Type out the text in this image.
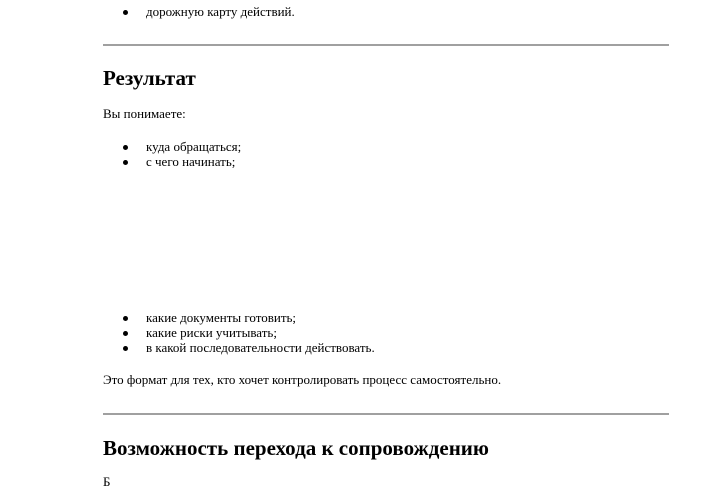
дорожную карту действий.
Результат
Вы понимаете:
куда обращаться;
с чего начинать;
какие документы готовить;
какие риски учитывать;
в какой последовательности действовать.
Это формат для тех, кто хочет контролировать процесс самостоятельно.
Возможность перехода к сопровождению
Б
